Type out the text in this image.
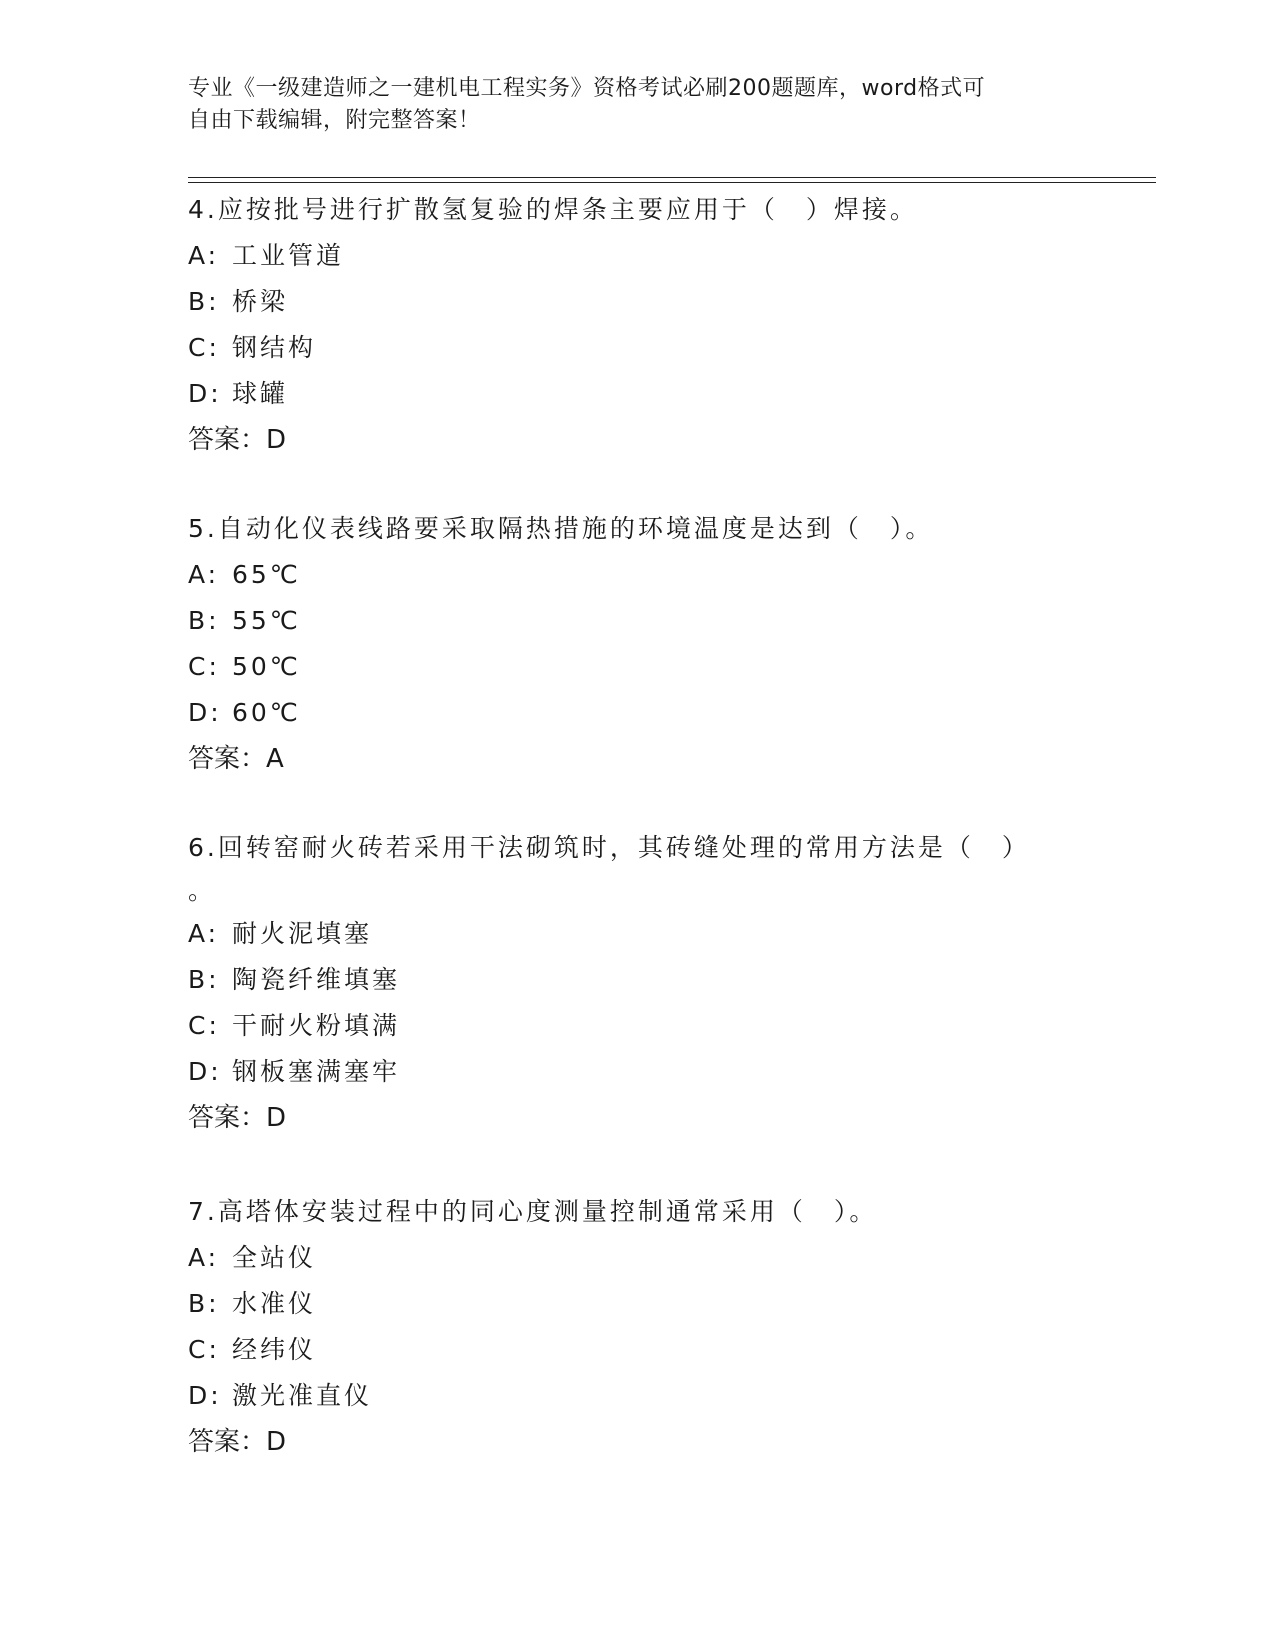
专业《一级建造师之一建机电工程实务》资格考试必刷200题题库，word格式可
自由下载编辑，附完整答案！

4.应按批号进行扩散氢复验的焊条主要应用于（　）焊接。

A: 工业管道
B: 桥梁
C: 钢结构
D: 球罐
答案：D

5.自动化仪表线路要采取隔热措施的环境温度是达到（　）。

A: 65℃
B: 55℃
C: 50℃
D: 60℃
答案：A

6.回转窑耐火砖若采用干法砌筑时，其砖缝处理的常用方法是（　）

。

A: 耐火泥填塞
B: 陶瓷纤维填塞
C: 干耐火粉填满
D: 钢板塞满塞牢
答案：D

7.高塔体安装过程中的同心度测量控制通常采用（　）。

A: 全站仪
B: 水准仪
C: 经纬仪
D: 激光准直仪
答案：D
